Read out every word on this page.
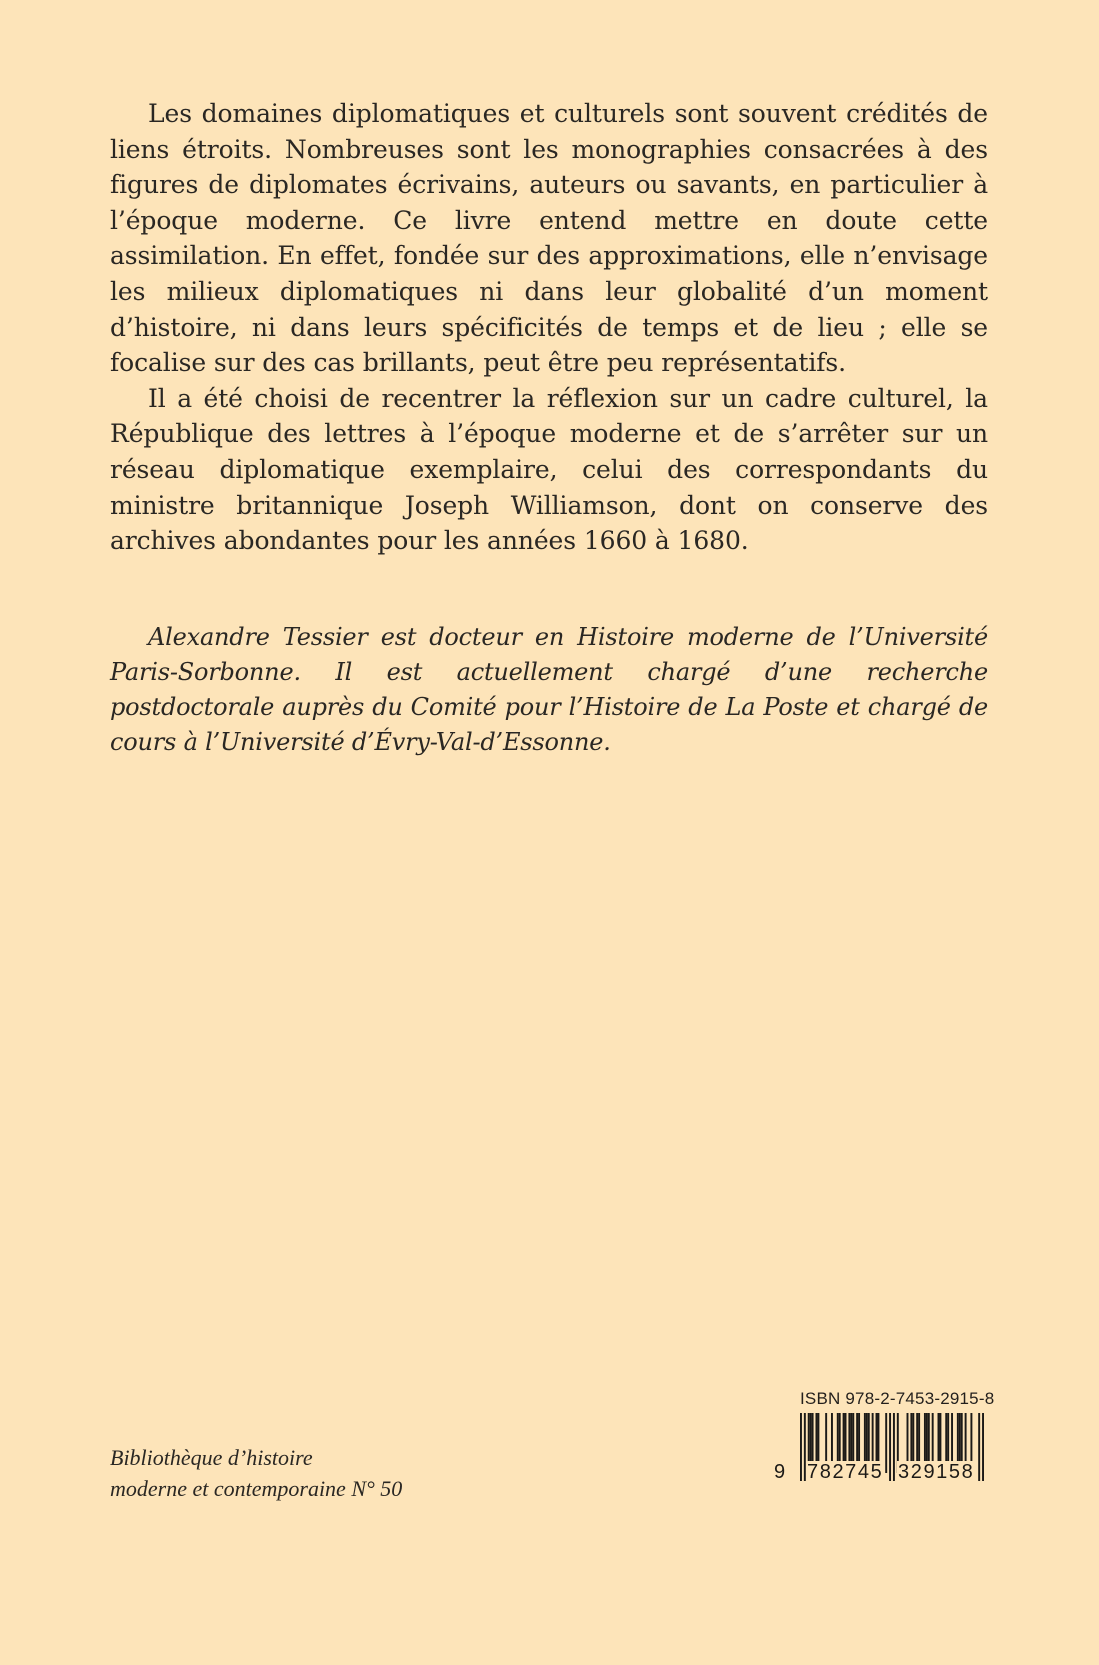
Les domaines diplomatiques et culturels sont souvent crédités de liens étroits. Nombreuses sont les monographies consacrées à des figures de diplomates écrivains, auteurs ou savants, en particulier à l’époque moderne. Ce livre entend mettre en doute cette assimilation. En effet, fondée sur des approximations, elle n’envisage les milieux diplomatiques ni dans leur globalité d’un moment d’histoire, ni dans leurs spécificités de temps et de lieu ; elle se focalise sur des cas brillants, peut être peu représentatifs.

Il a été choisi de recentrer la réflexion sur un cadre culturel, la République des lettres à l’époque moderne et de s’arrêter sur un réseau diplomatique exemplaire, celui des correspondants du ministre britannique Joseph Williamson, dont on conserve des archives abondantes pour les années 1660 à 1680.

Alexandre Tessier est docteur en Histoire moderne de l’Université Paris-Sorbonne. Il est actuellement chargé d’une recherche postdoctorale auprès du Comité pour l’Histoire de La Poste et chargé de cours à l’Université d’Évry-Val-d’Essonne.
Bibliothèque d’histoire
moderne et contemporaine N° 50
ISBN 978-2-7453-2915-8
9 782745 329158
